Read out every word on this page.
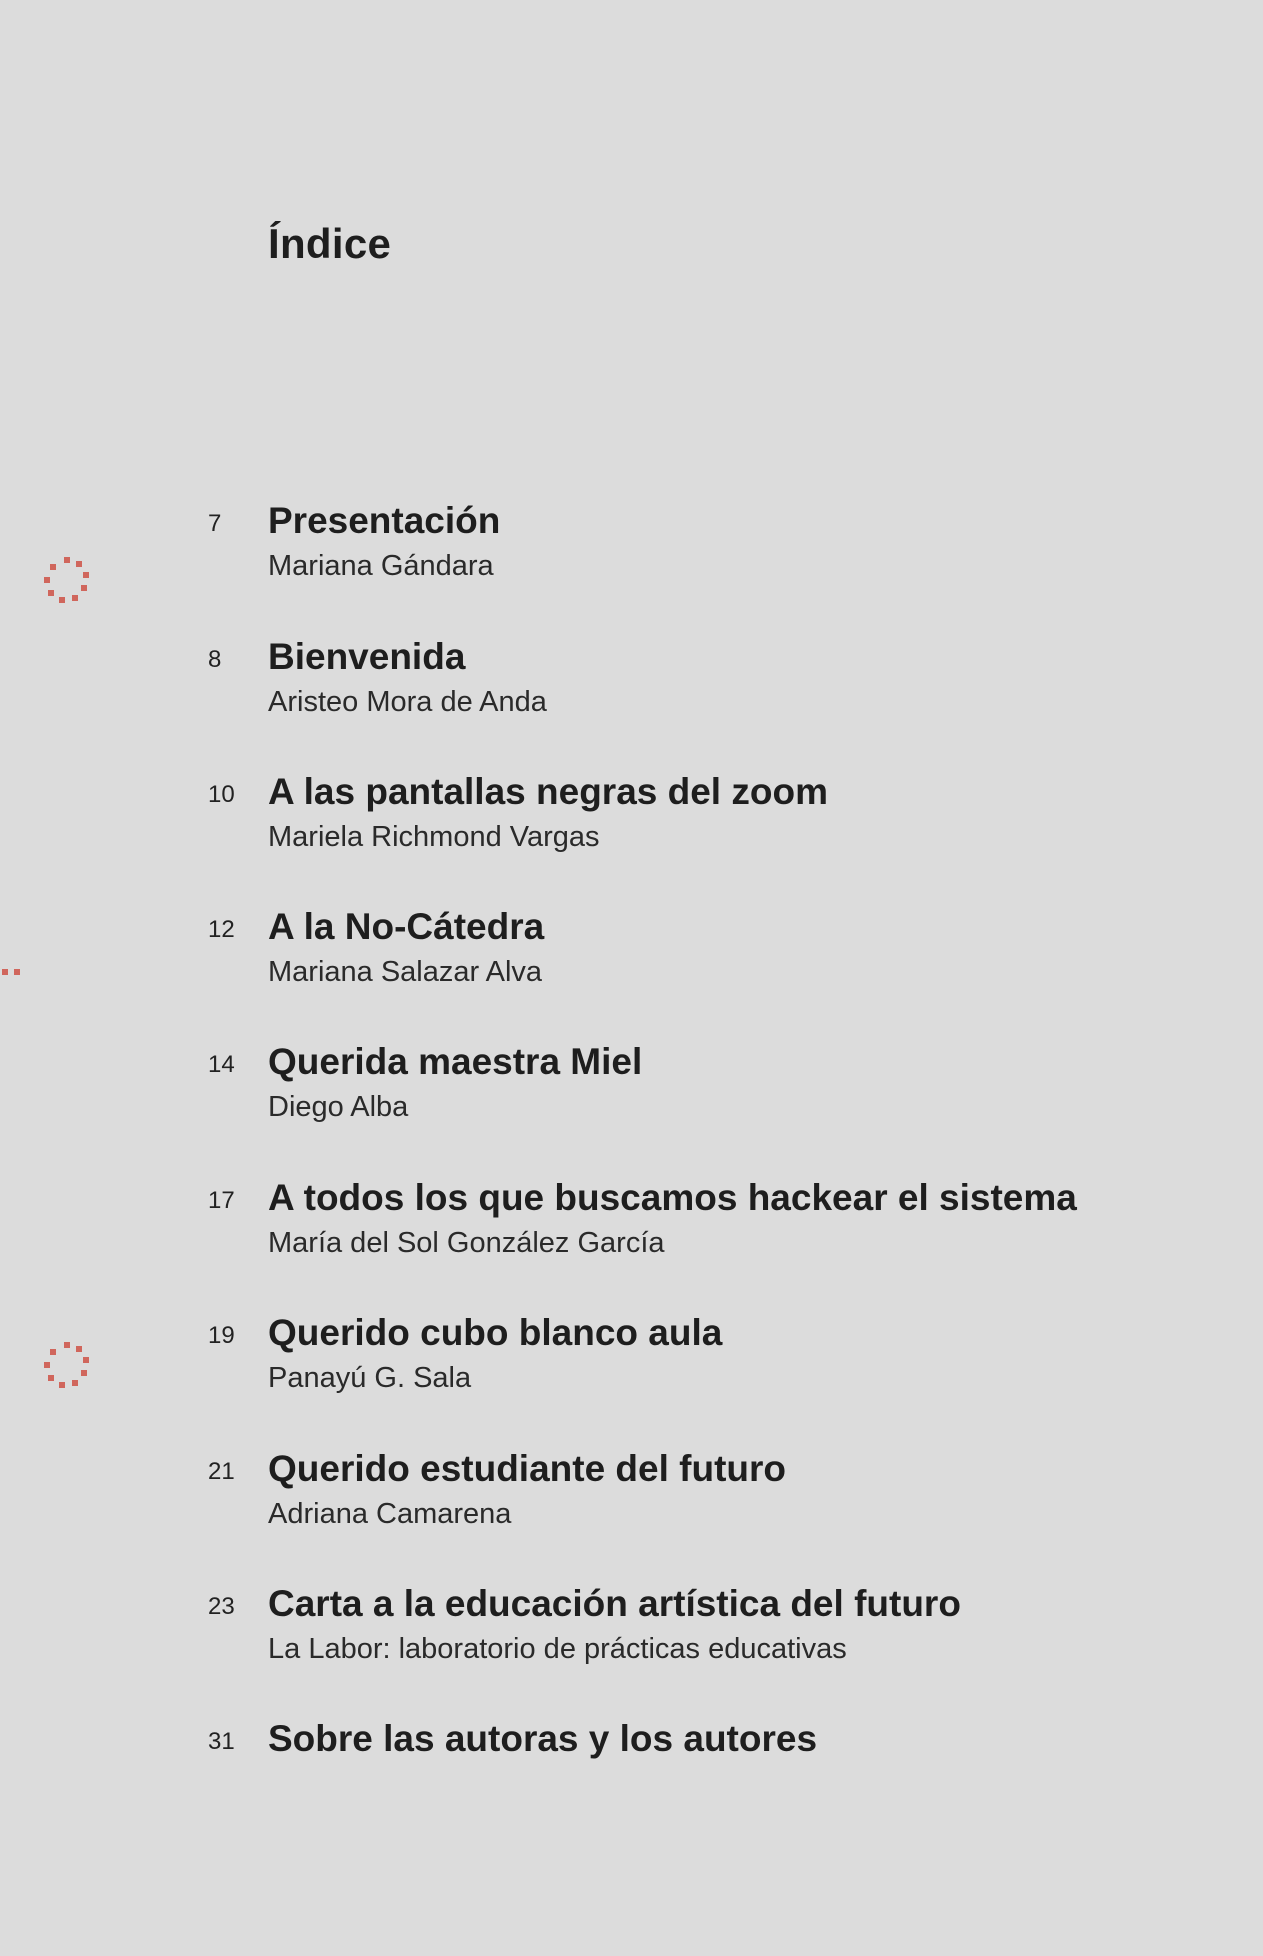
Índice
7 Presentación
Mariana Gándara
8 Bienvenida
Aristeo Mora de Anda
10 A las pantallas negras del zoom
Mariela Richmond Vargas
12 A la No-Cátedra
Mariana Salazar Alva
14 Querida maestra Miel
Diego Alba
17 A todos los que buscamos hackear el sistema
María del Sol González García
19 Querido cubo blanco aula
Panayú G. Sala
21 Querido estudiante del futuro
Adriana Camarena
23 Carta a la educación artística del futuro
La Labor: laboratorio de prácticas educativas
31 Sobre las autoras y los autores
